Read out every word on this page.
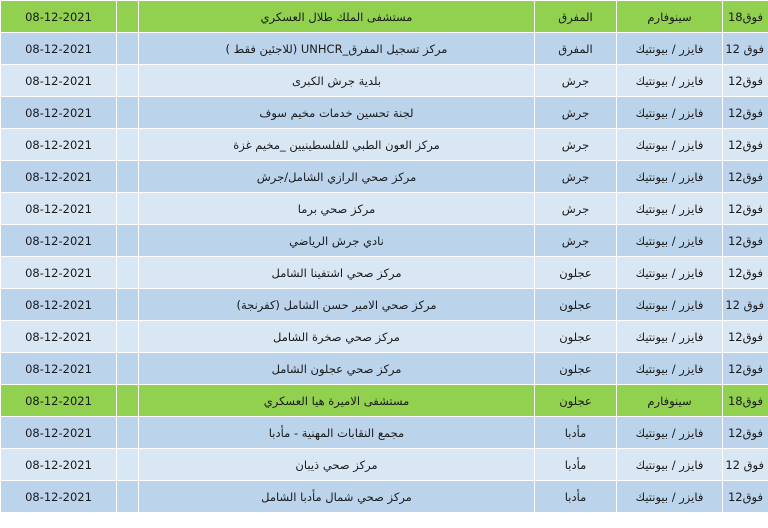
08-12-2021		مستشفى الملك طلال العسكري	المفرق	سينوفارم	فوق18
08-12-2021		مركز تسجيل المفرق_UNHCR (للاجئين فقط )	المفرق	فايزر / بيونتيك	فوق 12
08-12-2021		بلدية جرش الكبرى	جرش	فايزر / بيونتيك	فوق12
08-12-2021		لجنة تحسين خدمات مخيم سوف	جرش	فايزر / بيونتيك	فوق12
08-12-2021		مركز العون الطبي للفلسطينيين _مخيم غزة	جرش	فايزر / بيونتيك	فوق12
08-12-2021		مركز صحي الرازي الشامل/جرش	جرش	فايزر / بيونتيك	فوق12
08-12-2021		مركز صحي برما	جرش	فايزر / بيونتيك	فوق12
08-12-2021		نادي جرش الرياضي	جرش	فايزر / بيونتيك	فوق12
08-12-2021		مركز صحي اشتفينا الشامل	عجلون	فايزر / بيونتيك	فوق12
08-12-2021		مركز صحي الامير حسن الشامل (كفرنجة)	عجلون	فايزر / بيونتيك	فوق 12
08-12-2021		مركز صحي صخرة الشامل	عجلون	فايزر / بيونتيك	فوق12
08-12-2021		مركز صحي عجلون الشامل	عجلون	فايزر / بيونتيك	فوق12
08-12-2021		مستشفى الاميرة هيا العسكري	عجلون	سينوفارم	فوق18
08-12-2021		مجمع النقابات المهنية - مأدبا	مأدبا	فايزر / بيونتيك	فوق12
08-12-2021		مركز صحي ذيبان	مأدبا	فايزر / بيونتيك	فوق 12
08-12-2021		مركز صحي شمال مأدبا الشامل	مأدبا	فايزر / بيونتيك	فوق12
